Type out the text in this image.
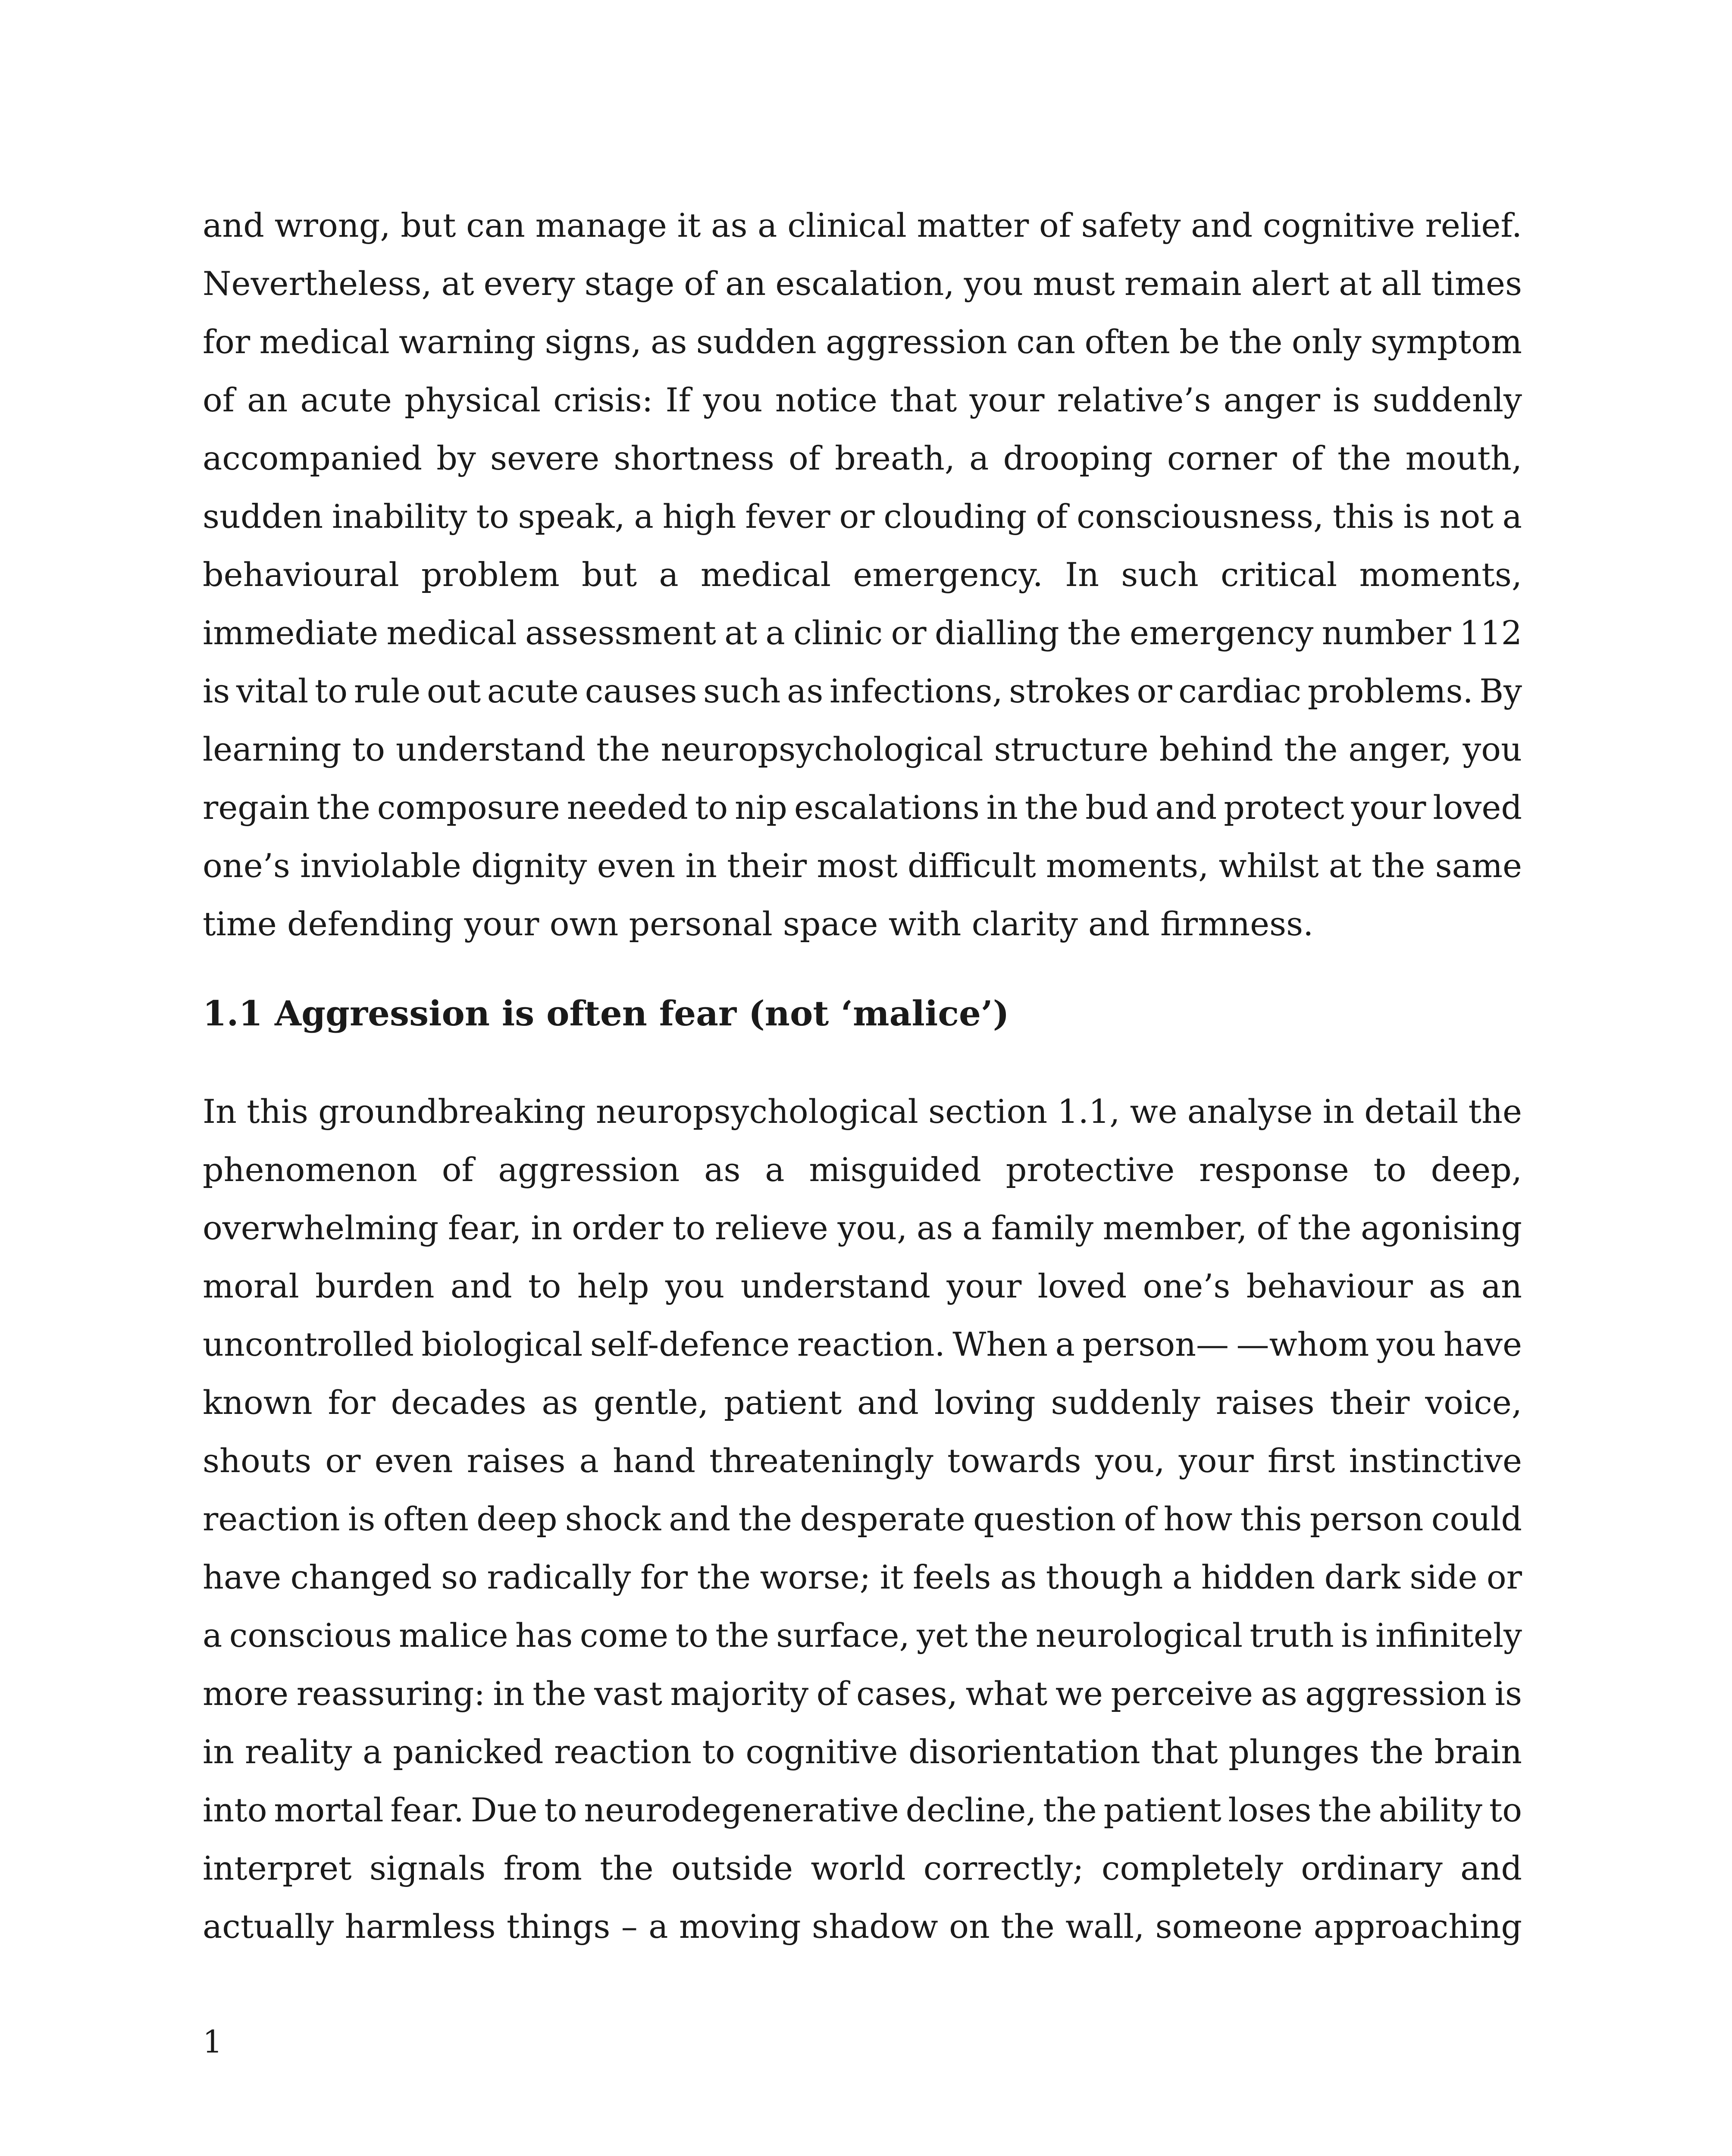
and wrong, but can manage it as a clinical matter of safety and cognitive relief.
Nevertheless, at every stage of an escalation, you must remain alert at all times
for medical warning signs, as sudden aggression can often be the only symptom
of an acute physical crisis: If you notice that your relative’s anger is suddenly
accompanied by severe shortness of breath, a drooping corner of the mouth,
sudden inability to speak, a high fever or clouding of consciousness, this is not a
behavioural problem but a medical emergency. In such critical moments,
immediate medical assessment at a clinic or dialling the emergency number 112
is vital to rule out acute causes such as infections, strokes or cardiac problems. By
learning to understand the neuropsychological structure behind the anger, you
regain the composure needed to nip escalations in the bud and protect your loved
one’s inviolable dignity even in their most difficult moments, whilst at the same
time defending your own personal space with clarity and firmness.

1.1 Aggression is often fear (not ‘malice’)

In this groundbreaking neuropsychological section 1.1, we analyse in detail the
phenomenon of aggression as a misguided protective response to deep,
overwhelming fear, in order to relieve you, as a family member, of the agonising
moral burden and to help you understand your loved one’s behaviour as an
uncontrolled biological self-defence reaction. When a person— —whom you have
known for decades as gentle, patient and loving suddenly raises their voice,
shouts or even raises a hand threateningly towards you, your first instinctive
reaction is often deep shock and the desperate question of how this person could
have changed so radically for the worse; it feels as though a hidden dark side or
a conscious malice has come to the surface, yet the neurological truth is infinitely
more reassuring: in the vast majority of cases, what we perceive as aggression is
in reality a panicked reaction to cognitive disorientation that plunges the brain
into mortal fear. Due to neurodegenerative decline, the patient loses the ability to
interpret signals from the outside world correctly; completely ordinary and
actually harmless things – a moving shadow on the wall, someone approaching

1
